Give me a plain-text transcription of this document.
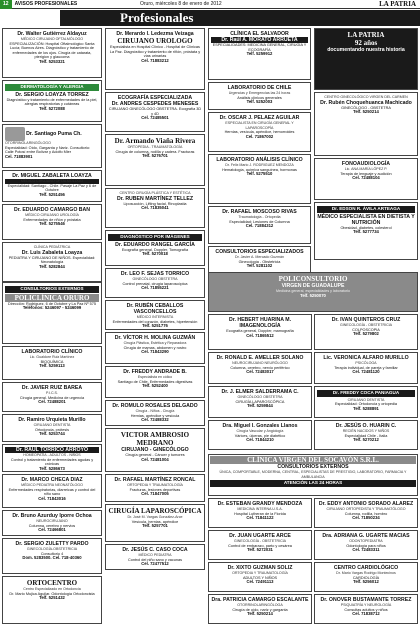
12	AVISOS PROFESIONALES	Oruro, miércoles 8 de enero de 2012	LA PATRIA
Profesionales
Dr. Walter Gutiérrez Aldayuz
MÉDICO CIRUJANO OFTALMÓLOGO
ESPECIALIZACIÓN: Hospital Oftalmológico Santa Lucía; Buenos Aires. Diagnóstico y tratamiento de enfermedades de los ojos. Cirugía de catarata, pterigion y glaucoma
Telf. 5253321
DERMATOLOGÍA Y ALERGIA
Dr. SERGIO LOAYZA TORREZ
Diagnóstico y tratamiento de enfermedades de la piel, alergias respiratorias y cutáneas
Telf. 5272088
Dr. Santiago Puma Ch.
OTORRINOLARINGÓLOGO
Especialidad: Oído, Garganta y Nariz. Consultorio: Calle Potosí entre Bolívar y Adolfo Mier
Cel. 71883901
Dr. MIGUEL ZABALETA LOAYZA
MÉDICO CIRUJANO OFTALMÓLOGO
Especialidad: Santiago - Chile. Pasaje La Paz y 6 de Octubre
Telf. 5251456
Dr. EDUARDO CAMARGO BAN
MÉDICO CIRUJANO UROLOGÍA
Enfermedades de riñón y próstata
Telf. 5275546
CLÍNICA PEDIÁTRICA
Dr. Luis Zabaleta Loayza
PEDIATRA Y CIRUJANO DE NIÑOS. Especialidad: Neonatología
Telf. 5282844
CONSULTORIOS EXTERNOS
POLICLÍNICA ORURO
Dirección: Rodríguez, 6 de Octubre y La Paz Nº 575
Teléfonos: 5246097 - 5246099
LABORATORIO CLÍNICO
Lic. Gualdore Ruiz Martínez
BIOQUÍMICA
Telf. 5259113
Dr. JAVIER RUIZ BAREA
P.I.C.S.
Cirugía general. Medicina de urgencia
Cel. 72488201
Dr. Ramiro Urquieta Murillo
CIRUJANO DENTISTA
Ortodoncia, prótesis
Telf. 5253744
Dr. RAUL TORRICO ARROYO
HOMEOPATÍA - ADULTOS - NIÑOS
Control y tratamiento de enfermedades agudas y crónicas
Telf. 5286673
Dr. MARCO CHECA DIAZ
MÉDICO PEDIATRA NEONATÓLOGO
Enfermedades respiratorias, diarreicas y control del niño sano
Cel. 71843016
Dr. Bruno Azurduy Iporre Ochoa
NEUROCIRUJANO
Columna, cerebro y nervios
Cel. 72466801
Dr. SERGIO ZULETTY PARDO
GINECOLOGÍA-OBSTETRICIA
Consultorio 4
Dom. 5283500. Cel. 718-40360
ORTOCENTRO
Centro Especializado en Ortodoncia
Dr. Mario Mujica Aguilar. Odontología Ortodoncista
Telf. 5251432
Dr. Merardo I. Ledezma Veizaga
CIRUJANO UROLOGO
Especialista en Hospital Clínico - Hospital de Clínicas La Paz. Diagnóstico y tratamiento de riñón, próstata y vías urinarias
Cel. 71883212
ECOGRAFÍA ESPECIALIZADA
Dr. ANDRES CESPEDES MENESES
CIRUJANO GINECÓLOGO OBSTETRA. Ecografía 3D y 4D
Cel. 72485501
Dr. Armando Viaña Rivera
ORTOPEDIA - TRAUMATOLOGÍA
Cirugía de columna, rodilla y cadera. Fracturas
Telf. 5276701
CENTRO CIRUGÍA PLÁSTICA Y ESTÉTICA
Dr. RUBEN MARTÍNEZ TELLEZ
Liposucción, Lifting facial, Rinoplastia
Cel. 71835041
DIAGNÓSTICO POR IMÁGENES
Dr. EDUARDO RANGEL GARCÍA
Ecografía general, Doppler, Tomografía
Telf. 5270018
Dr. LEO F. SEJAS TORRICO
GINECÓLOGO OBSTETRA
Control prenatal, cirugía laparoscópica
Cel. 71855221
Dr. RUBÉN CEBALLOS VASCONCELLOS
MÉDICO INTERNISTA
Enfermedades del corazón, diabetes, hipertensión
Telf. 5251776
Dr. VÍCTOR H. MOLINA GUZMÁN
Cirugía Plástica, Estética y Reparadora
Cirugía de mamas, abdomen y rostro
Cel. 71843290
Dr. FREDDY ANDRADE B.
Especialista en cólico
Santiago de Chile. Enfermedades digestivas
Telf. 5252400
Dr. ROMULO ROSALES DELGADO
Cirugía - Niños - Cirugía
Hernias, apéndice y vesícula
Cel. 72488332
VICTOR AMBROSIO MEDRANO
CIRUJANO - GINECÓLOGO
Cirugía general - Cáncer y tumores
Cel. 72481004
Dr. RAFAEL MARTÍNEZ RONCAL
ORTOPEDIA Y TRAUMATOLOGÍA
Fracturas, lesiones deportivas
Cel. 71847005
CIRUGÍA LAPAROSCÓPICA
Dr. José M. Vargas González-Arce
Vesícula, hernias, apéndice
Telf. 5257701
Dr. JESÚS C. CASO COCA
MÉDICO PEDIATRA
Control del niño sano y vacunas
Cel. 72477512
CLÍNICA EL SALVADOR
Dr. Raúl A. MORATO ARRUETA
ESPECIALIDADES: MEDICINA GENERAL, CIRUGÍA Y ECOGRAFÍA
Telf. 5259912
LABORATORIO DE CHILE
Urgencias y Emergencias las 24 horas
Análisis clínicos generales
Telf. 5252003
Dr. OSCAR J. PELAEZ AGUILAR
ESPECIALISTA EN CIRUGÍA GENERAL Y LAPAROSCOPÍA
Hernias, vesícula, apéndice, hemorroides
Cel. 71867002
LABORATORIO ANÁLISIS CLÍNICO
Dr. Felix Mario J. RODRIGUEZ MENDOZA
Hematología, química sanguínea, hormonas
Telf. 5275510
Dr. RAFAEL MOSCOSO RIVAS
Traumatología - Ortopedia
Especialidad: Lesiones de Columna
Cel. 71884312
CONSULTORIOS ESPECIALIZADOS
Dr. Javier A. Mercado Guzmán
Ginecología - Obstetricia
Telf. 5281102
LA PATRIA
92 años
documentando nuestra historia
CENTRO GINECOLÓGICO VIRGEN DEL CARMEN
Dr. Rubén Choquehuanca Machicado
GINECÓLOGO - OBSTETRA
Telf. 5250214
FONOAUDIOLOGÍA
Lic. ANA MARÍA LÓPEZ P.
Terapia de lenguaje y audición
Cel. 72488104
Dr. EDSON R. ÁVILA ARTEAGA
MÉDICO ESPECIALISTA EN DIETISTA Y NUTRICIÓN
Obesidad, diabetes, colesterol
Telf. 5277734
POLICONSULTORIO
VIRGEN DE GUADALUPE
Medicina general, especialidades y laboratorio
Telf. 5250070
Dr. HEBERT HUARINA M.
IMAGENOLOGÍA
Ecografía general, Doppler, mamografía
Cel. 71865512
Dr. IVAN QUINTEROS CRUZ
GINECOLOGÍA - OBSTETRICIA
COLPOSCOPIA
Telf. 5279802
Dr. RONALD E. AMELLER SOLANO
NEUROCIRUJANO NEURÓLOGO
Columna, cerebro, nervio periférico
Cel. 72483017
Lic. VERONICA ALFARO MURILLO
PSICÓLOGA
Terapia individual, de pareja y familiar
Cel. 72481120
Dr. J. ELMER SALDERRAMA C.
GINECÓLOGO OBSTETRA
CIRUGÍA LAPAROSCÓPICA
Telf. 5259844
Dr. FREDDY COCA PANIAGUA
CIRUJANO DENTISTA
Especialidad: Ortodoncia y ortopedia
Telf. 5288891
Dra. Miguel I. Gonzales Llanos
Cirugía Vascular y Angiología
Várices, úlceras, pie diabético
Cel. 71844210
Dr. JESÚS O. HUARIN C.
RECIÉN NACIDOS Y NIÑOS
Especialidad Chile - Italia
Telf. 5270212
CLÍNICA VIRGEN DEL SOCAVÓN S.R.L.
CONSULTORIOS EXTERNOS
ÚNICA, COMPORTABLE, MODERNA, CENTRAL, ESPECIALISTAS DE PRESTIGIO, LABORATORIO, FARMACIA Y AMBULANCIA
ATENCIÓN LAS 24 HORAS
Dr. ESTEBAN GRANDY MENDOZA
MEDICINA INTERNA U.S.A.
Hospital Lutheran de la Florida
Cel. 71841122
Dr. EDDY ANTONIO SORADO ALAREZ
CIRUJANO ORTOPEDISTA Y TRAUMATÓLOGO
Columna, rodilla, hombro
Cel. 71850234
Dr. JUAN UGARTE ARCE
GINECOLOGÍA - OBSTETRICIA
Control de embarazo, parto y cesárea
Telf. 5272031
Dra. ADRIANA G. UGARTE MACIAS
ODONTOPEDIATRA
Odontología para niños
Cel. 72483311
Dr. XIXTO GUZMAN SOLIZ
ORTOPEDIA Y TRAUMATOLOGÍA
ADULTOS Y NIÑOS
Cel. 72491113
CENTRO CARDIOLÓGICO
Dr. Mario Vargas Rodrigo Montecinos
CARDIOLOGÍA
Telf. 5256012
Dra. PATRICIA CAMARGO ESCALANTE
OTORRINOLARINGÓLOGA
Cirugía de oído, nariz y garganta
Telf. 5250214
Dr. ONOVER BUSTAMANTE TORREZ
PSIQUIATRÍA Y NEUROLOGÍA
Consultas adultos y niños
Cel. 71838712
